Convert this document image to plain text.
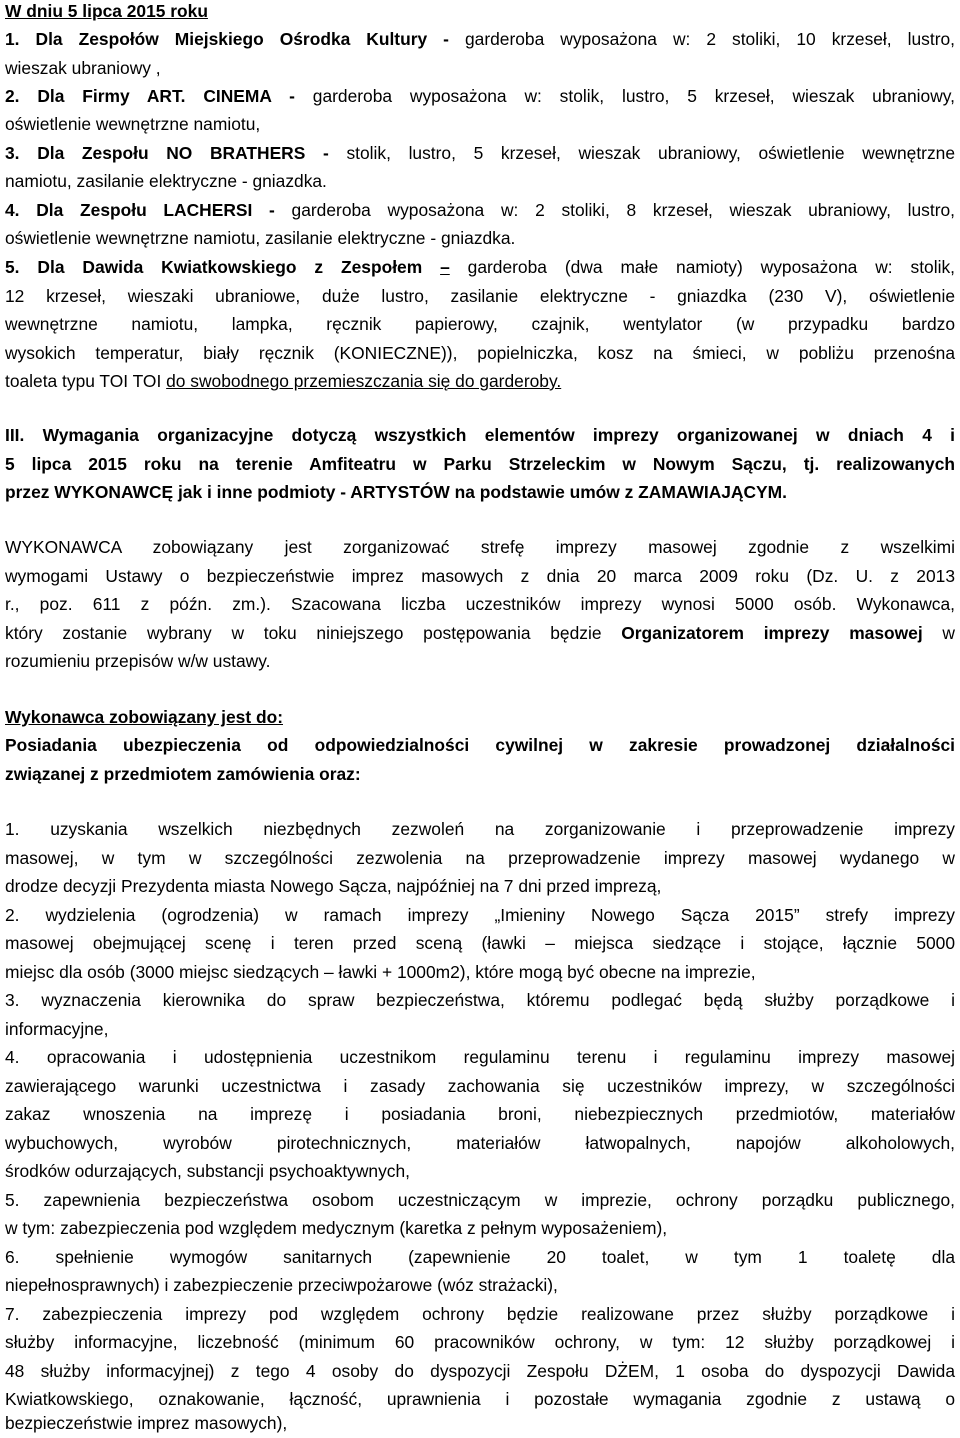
W dniu 5 lipca 2015 roku
1. Dla Zespołów Miejskiego Ośrodka Kultury - garderoba wyposażona w: 2 stoliki, 10 krzeseł, lustro,
wieszak ubraniowy ,
2. Dla Firmy ART. CINEMA - garderoba wyposażona w: stolik, lustro, 5 krzeseł, wieszak ubraniowy,
oświetlenie wewnętrzne namiotu,
3. Dla Zespołu NO BRATHERS - stolik, lustro, 5 krzeseł, wieszak ubraniowy, oświetlenie wewnętrzne
namiotu, zasilanie elektryczne - gniazdka.
4. Dla Zespołu LACHERSI - garderoba wyposażona w: 2 stoliki, 8 krzeseł, wieszak ubraniowy, lustro,
oświetlenie wewnętrzne namiotu, zasilanie elektryczne - gniazdka.
5. Dla Dawida Kwiatkowskiego z Zespołem – garderoba (dwa małe namioty) wyposażona w: stolik,
12 krzeseł, wieszaki ubraniowe, duże lustro, zasilanie elektryczne - gniazdka (230 V), oświetlenie
wewnętrzne namiotu, lampka, ręcznik papierowy, czajnik, wentylator (w przypadku bardzo
wysokich temperatur, biały ręcznik (KONIECZNE)), popielniczka, kosz na śmieci, w pobliżu przenośna
toaleta typu TOI TOI do swobodnego przemieszczania się do garderoby.
III. Wymagania organizacyjne dotyczą wszystkich elementów imprezy organizowanej w dniach 4 i
5 lipca 2015 roku na terenie Amfiteatru w Parku Strzeleckim w Nowym Sączu, tj. realizowanych
przez WYKONAWCĘ jak i inne podmioty - ARTYSTÓW na podstawie umów z ZAMAWIAJĄCYM.
WYKONAWCA zobowiązany jest zorganizować strefę imprezy masowej zgodnie z wszelkimi
wymogami Ustawy o bezpieczeństwie imprez masowych z dnia 20 marca 2009 roku (Dz. U. z 2013
r., poz. 611 z późn. zm.). Szacowana liczba uczestników imprezy wynosi 5000 osób. Wykonawca,
który zostanie wybrany w toku niniejszego postępowania będzie Organizatorem imprezy masowej w
rozumieniu przepisów w/w ustawy.
Wykonawca zobowiązany jest do:
Posiadania ubezpieczenia od odpowiedzialności cywilnej w zakresie prowadzonej działalności
związanej z przedmiotem zamówienia oraz:
1. uzyskania wszelkich niezbędnych zezwoleń na zorganizowanie i przeprowadzenie imprezy
masowej, w tym w szczególności zezwolenia na przeprowadzenie imprezy masowej wydanego w
drodze decyzji Prezydenta miasta Nowego Sącza, najpóźniej na 7 dni przed imprezą,
2. wydzielenia (ogrodzenia) w ramach imprezy „Imieniny Nowego Sącza 2015” strefy imprezy
masowej obejmującej scenę i teren przed sceną (ławki – miejsca siedzące i stojące, łącznie 5000
miejsc dla osób (3000 miejsc siedzących – ławki + 1000m2), które mogą być obecne na imprezie,
3. wyznaczenia kierownika do spraw bezpieczeństwa, któremu podlegać będą służby porządkowe i
informacyjne,
4. opracowania i udostępnienia uczestnikom regulaminu terenu i regulaminu imprezy masowej
zawierającego warunki uczestnictwa i zasady zachowania się uczestników imprezy, w szczególności
zakaz wnoszenia na imprezę i posiadania broni, niebezpiecznych przedmiotów, materiałów
wybuchowych, wyrobów pirotechnicznych, materiałów łatwopalnych, napojów alkoholowych,
środków odurzających, substancji psychoaktywnych,
5. zapewnienia bezpieczeństwa osobom uczestniczącym w imprezie, ochrony porządku publicznego,
w tym: zabezpieczenia pod względem medycznym (karetka z pełnym wyposażeniem),
6. spełnienie wymogów sanitarnych (zapewnienie 20 toalet, w tym 1 toaletę dla
niepełnosprawnych) i zabezpieczenie przeciwpożarowe (wóz strażacki),
7. zabezpieczenia imprezy pod względem ochrony będzie realizowane przez służby porządkowe i
służby informacyjne, liczebność (minimum 60 pracowników ochrony, w tym: 12 służby porządkowej i
48 służby informacyjnej) z tego 4 osoby do dyspozycji Zespołu DŻEM, 1 osoba do dyspozycji Dawida
Kwiatkowskiego, oznakowanie, łączność, uprawnienia i pozostałe wymagania zgodnie z ustawą o
bezpieczeństwie imprez masowych),
